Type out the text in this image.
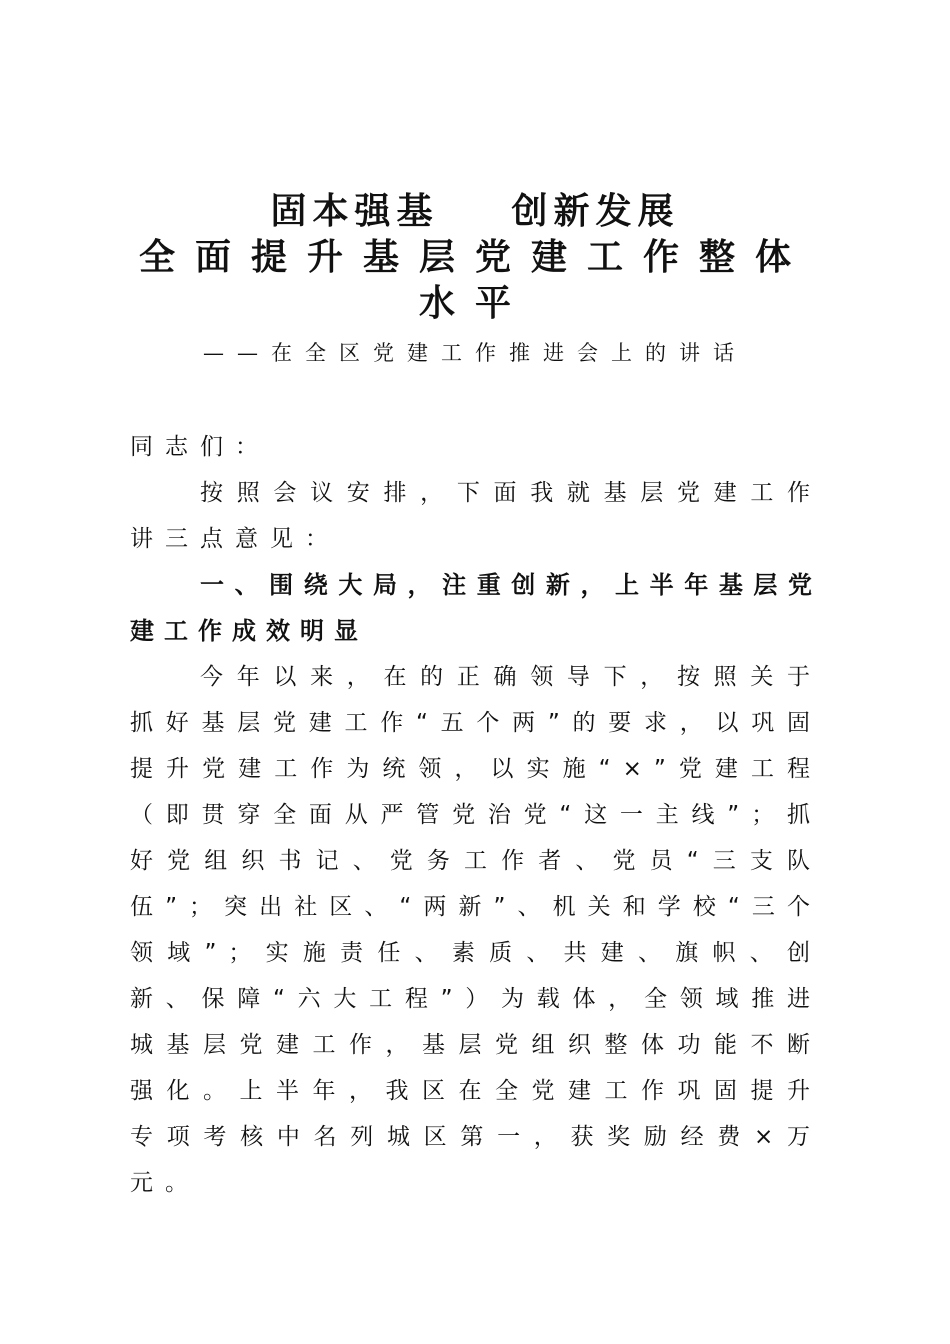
固本强基  创新发展
全面提升基层党建工作整体水平
——在全区党建工作推进会上的讲话

同志们：

按照会议安排，下面我就基层党建工作讲三点意见：

一、围绕大局，注重创新，上半年基层党建工作成效明显

今年以来，在的正确领导下，按照关于抓好基层党建工作“五个两”的要求，以巩固提升党建工作为统领，以实施“×”党建工程（即贯穿全面从严管党治党“这一主线”；抓好党组织书记、党务工作者、党员“三支队伍”；突出社区、“两新”、机关和学校“三个领域”；实施责任、素质、共建、旗帜、创新、保障“六大工程”）为载体，全领域推进城基层党建工作，基层党组织整体功能不断强化。上半年，我区在全党建工作巩固提升专项考核中名列城区第一，获奖励经费×万元。
